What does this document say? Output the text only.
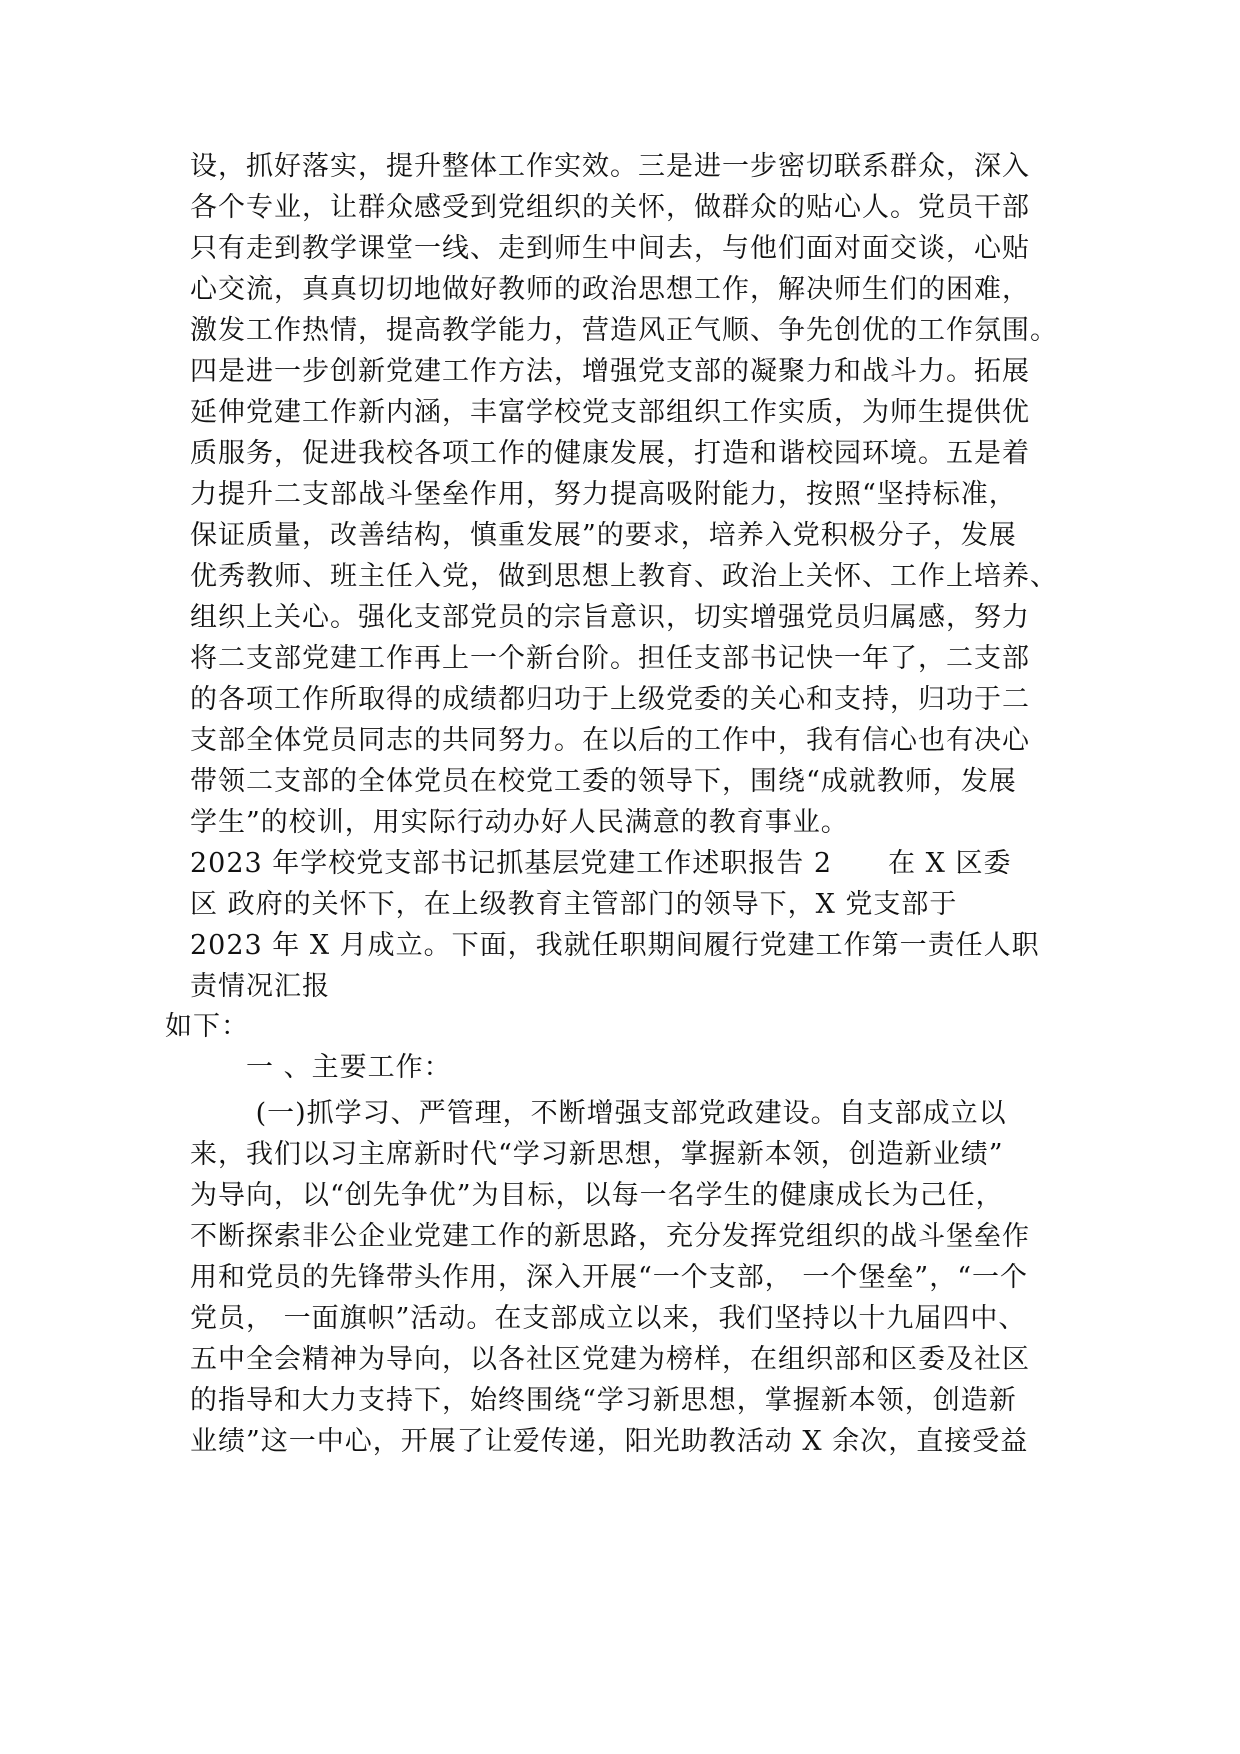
设，抓好落实，提升整体工作实效。三是进一步密切联系群众，深入
各个专业，让群众感受到党组织的关怀，做群众的贴心人。党员干部
只有走到教学课堂一线、走到师生中间去，与他们面对面交谈，心贴
心交流，真真切切地做好教师的政治思想工作，解决师生们的困难，
激发工作热情，提高教学能力，营造风正气顺、争先创优的工作氛围。
四是进一步创新党建工作方法，增强党支部的凝聚力和战斗力。拓展
延伸党建工作新内涵，丰富学校党支部组织工作实质，为师生提供优
质服务，促进我校各项工作的健康发展，打造和谐校园环境。五是着
力提升二支部战斗堡垒作用，努力提高吸附能力，按照“坚持标准，
保证质量，改善结构，慎重发展”的要求，培养入党积极分子，发展
优秀教师、班主任入党，做到思想上教育、政治上关怀、工作上培养、
组织上关心。强化支部党员的宗旨意识，切实增强党员归属感，努力
将二支部党建工作再上一个新台阶。担任支部书记快一年了，二支部
的各项工作所取得的成绩都归功于上级党委的关心和支持，归功于二
支部全体党员同志的共同努力。在以后的工作中，我有信心也有决心
带领二支部的全体党员在校党工委的领导下，围绕“成就教师，发展
学生”的校训，用实际行动办好人民满意的教育事业。
2023 年学校党支部书记抓基层党建工作述职报告 2　　在 X 区委
区 政府的关怀下，在上级教育主管部门的领导下，X 党支部于
2023 年 X 月成立。下面，我就任职期间履行党建工作第一责任人职
责情况汇报
如下：
　　一 、主要工作：
　　 (一)抓学习、严管理，不断增强支部党政建设。自支部成立以
来，我们以习主席新时代“学习新思想，掌握新本领，创造新业绩”
为导向，以“创先争优”为目标，以每一名学生的健康成长为己任，
不断探索非公企业党建工作的新思路，充分发挥党组织的战斗堡垒作
用和党员的先锋带头作用，深入开展“一个支部， 一个堡垒”，“一个
党员， 一面旗帜”活动。在支部成立以来，我们坚持以十九届四中、
五中全会精神为导向，以各社区党建为榜样，在组织部和区委及社区
的指导和大力支持下，始终围绕“学习新思想，掌握新本领，创造新
业绩”这一中心，开展了让爱传递，阳光助教活动 X 余次，直接受益
